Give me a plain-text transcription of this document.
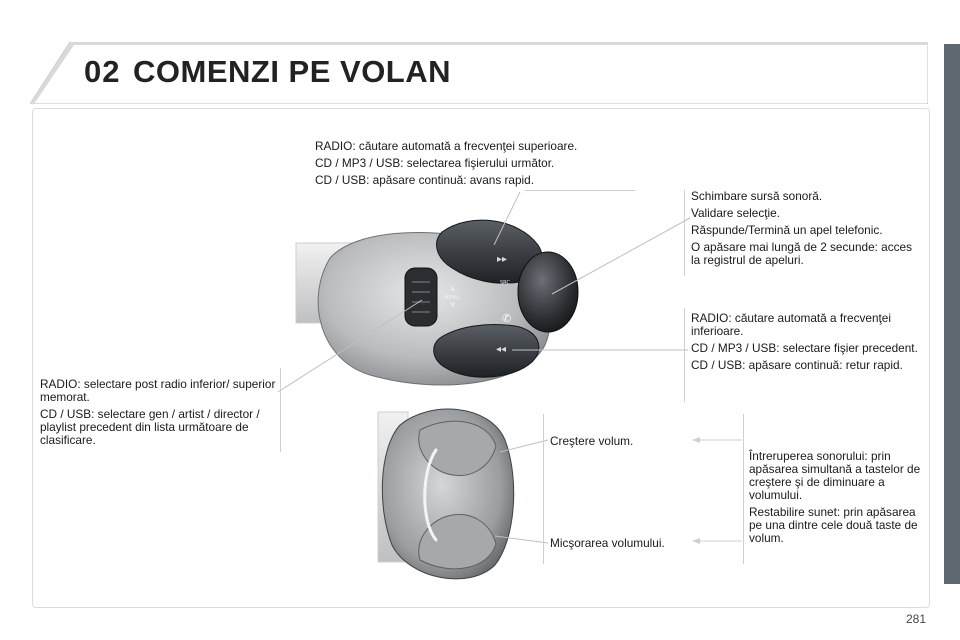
02 COMENZI PE VOLAN
▸▸
◂◂
✆
▲
▼
MENU
SRC

RADIO: căutare automată a frecvenţei superioare.

CD / MP3 / USB: selectarea fişierului următor.

CD / USB: apăsare continuă: avans rapid.

Schimbare sursă sonoră.

Validare selecţie.

Răspunde/Termină un apel telefonic.

O apăsare mai lungă de 2 secunde: acces la registrul de apeluri.

RADIO: căutare automată a frecvenţei inferioare.

CD / MP3 / USB: selectare fişier precedent.

CD / USB: apăsare continuă: retur rapid.

RADIO: selectare post radio inferior/ superior memorat.

CD / USB: selectare gen / artist / director / playlist precedent din lista următoare de clasificare.	Creştere volum.

Micşorarea volumului.

Întreruperea sonorului: prin apăsarea simultană a tastelor de creştere şi de diminuare a volumului.

Restabilire sunet: prin apăsarea pe una dintre cele două taste de volum.

281
